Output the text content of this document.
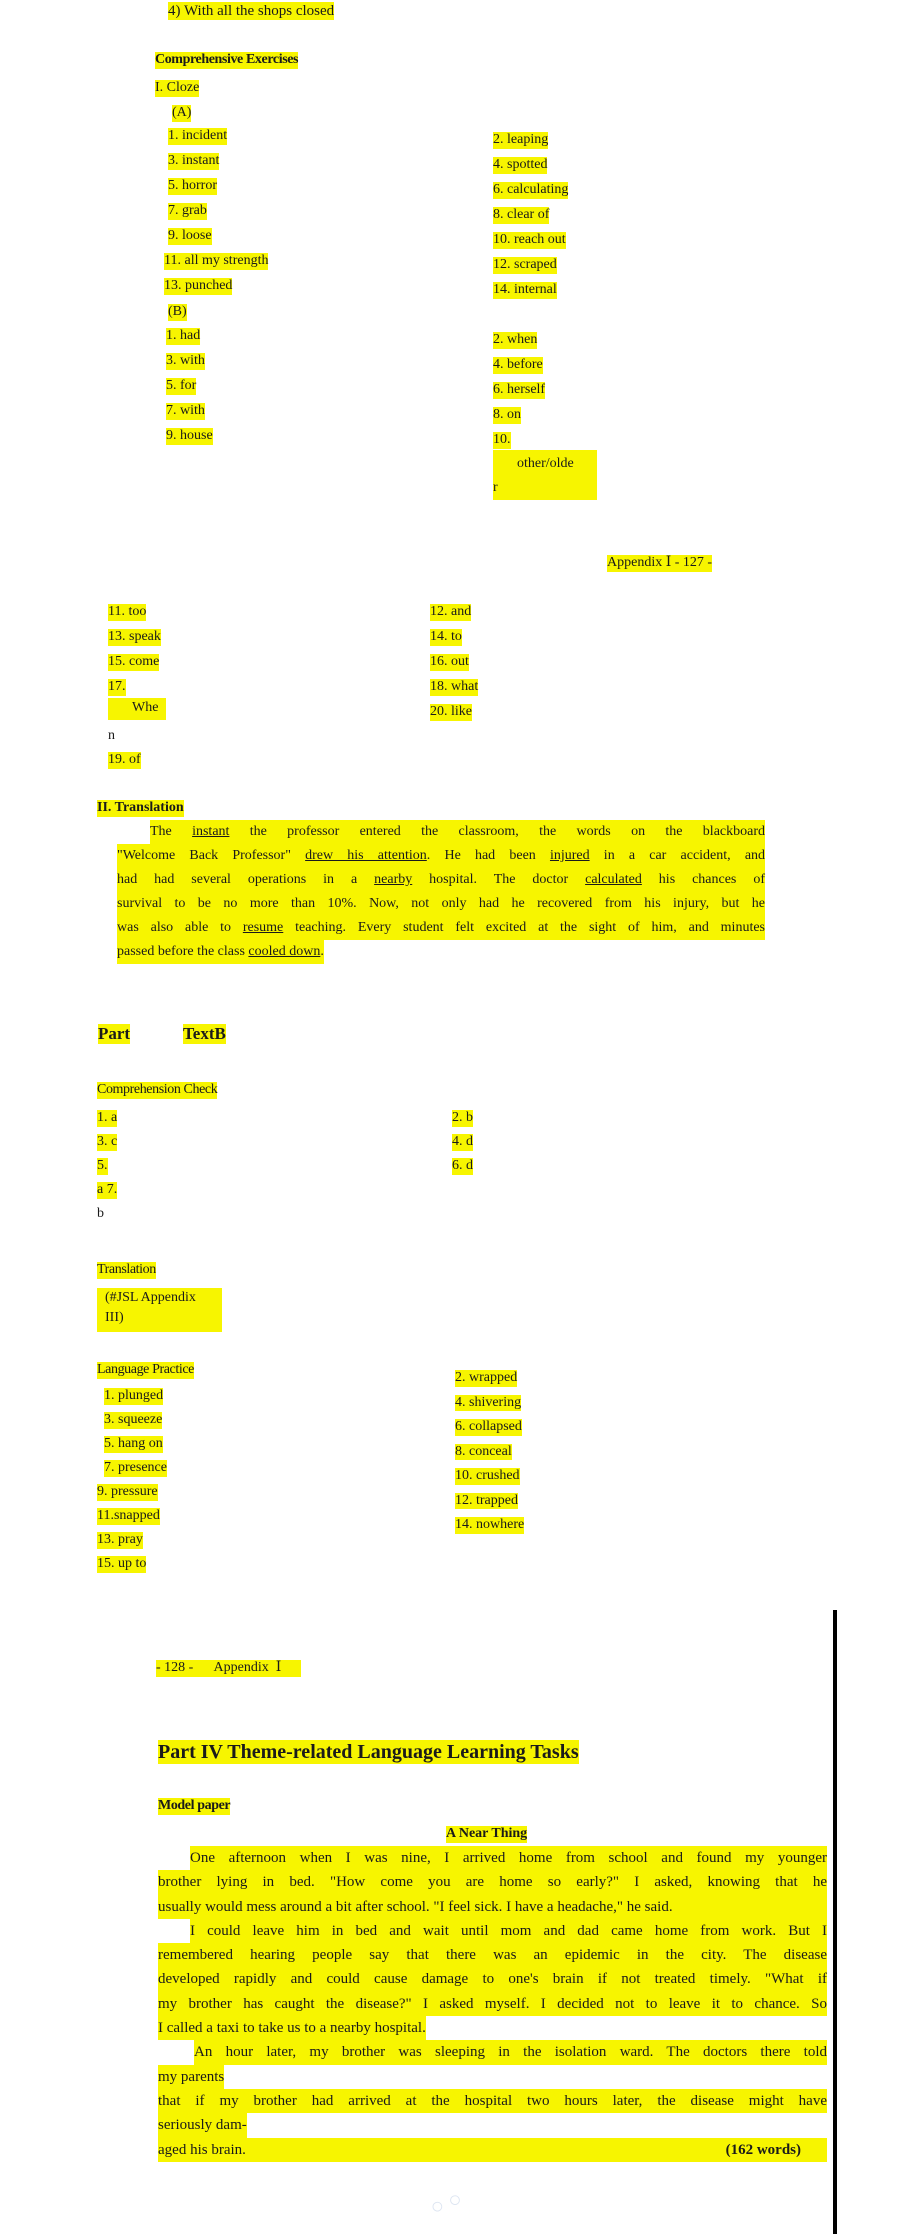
4) With all the shops closed
Comprehensive Exercises
I. Cloze
(A)
1. incident
3. instant
5. horror
7. grab
9. loose
11. all my strength
13. punched
2. leaping
4. spotted
6. calculating
8. clear of
10. reach out
12. scraped
14. internal
(B)
1. had
3. with
5. for
7. with
9. house
2. when
4. before
6. herself
8. on
10.
other/olde
r
Appendix Ⅰ - 127 -
11. too
13. speak
15. come
17.
Whe
n
19. of
12. and
14. to
16. out
18. what
20. like
II. Translation
The instant the professor entered the classroom, the words on the blackboard
"Welcome Back Professor" drew his attention. He had been injured in a car accident, and
had had several operations in a nearby hospital. The doctor calculated his chances of
survival to be no more than 10%. Now, not only had he recovered from his injury, but he
was also able to resume teaching. Every student felt excited at the sight of him, and minutes
passed before the class cooled down.
Part	TextB
Comprehension Check
1. a
3. c
5.
a 7.
b
2. b
4. d
6. d
Translation
(#JSL Appendix
III)
Language Practice
1. plunged
3. squeeze
5. hang on
7. presence
9. pressure
11.snapped
13. pray
15. up to
2. wrapped
4. shivering
6. collapsed
8. conceal
10. crushed
12. trapped
14. nowhere
- 128 -      Appendix  Ⅰ
Part IV Theme-related Language Learning Tasks
Model paper
A Near Thing
One afternoon when I was nine, I arrived home from school and found my younger
brother lying in bed. "How come you are home so early?" I asked, knowing that he
usually would mess around a bit after school. "I feel sick. I have a headache," he said.
I could leave him in bed and wait until mom and dad came home from work. But I
remembered hearing people say that there was an epidemic in the city. The disease
developed rapidly and could cause damage to one's brain if not treated timely. "What if
my brother has caught the disease?" I asked myself. I decided not to leave it to chance. So
I called a taxi to take us to a nearby hospital.
An hour later, my brother was sleeping in the isolation ward. The doctors there told
my parents
that if my brother had arrived at the hospital two hours later, the disease might have
seriously dam-
aged his brain.	(162 words)
○ ○
